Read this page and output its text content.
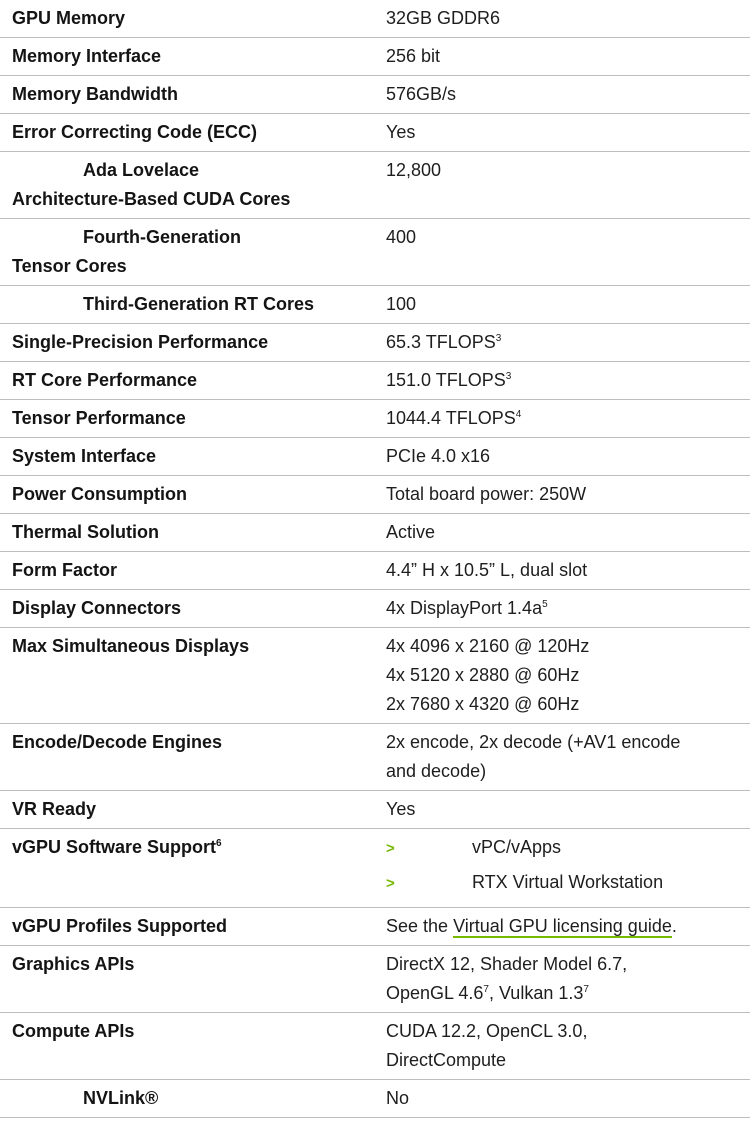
GPU Memory	32GB GDDR6
Memory Interface	256 bit
Memory Bandwidth	576GB/s
Error Correcting Code (ECC)	Yes

Ada Lovelace
Architecture-Based CUDA Cores	12,800

Fourth-Generation
Tensor Cores	400
Third-Generation RT Cores	100
Single-Precision Performance	65.3 TFLOPS$^3$
RT Core Performance	151.0 TFLOPS$^3$
Tensor Performance	1044.4 TFLOPS$^4$
System Interface	PCIe 4.0 x16
Power Consumption	Total board power: 250W
Thermal Solution	Active
Form Factor	4.4” H x 10.5” L, dual slot
Display Connectors	4x DisplayPort $1.4a^5$
Max Simultaneous Displays	4x 4096 x 2160 @ 120Hz
4x 5120 x 2880 @ 60Hz
2x 7680 x 4320 @ 60Hz

Encode/Decode Engines	2x encode, 2x decode (+AV1 encode
and decode)

VR Ready	Yes
vGPU Software Support$^6$	> vPC/vApps
> RTX Virtual Workstation

vGPU Profiles Supported	See the Virtual GPU licensing guide.
Graphics APIs	DirectX 12, Shader Model 6.7,
OpenGL $4.6^7$, Vulkan $1.3^7$

Compute APIs	CUDA 12.2, OpenCL 3.0,
DirectCompute

NVLink®	No
